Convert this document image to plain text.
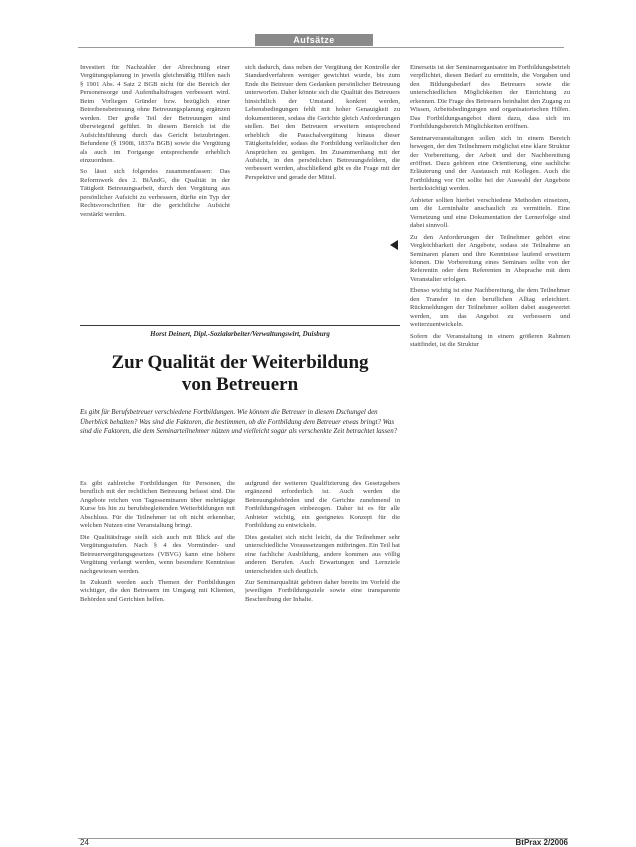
Aufsätze

Investiert für Nachzahler der Abrechnung einer Vergütungsplanung in jeweils gleichmäßig Hilfen nach § 1901 Abs. 4 Satz 2 BGB nicht für die Bereich der Personensorge und Aufenthaltsfragen verbessert wird. Beim Vorliegen Gründer bzw. bezüglich einer Betreibensbetreuung ohne Betreuungsplanung ergänzen werden. Der große Teil der Betreuungen sind überwiegend geführt. In diesem Bereich ist die Aufsichtsführung durch das Gericht beizubringen. Befundene (§ 1908i, 1837a BGB) sowie die Vergütung als auch im Fortgange entsprechende erheblich einzuordnen.

So lässt sich folgendes zusammenfassen: Das Reformwerk des 2. BtÄndG, die Qualität in der Tätigkeit Betreuungsarbeit, durch den Vergütung aus persönlicher Aufsicht zu verbessern, dürfte ein Typ der Rechtsvorschriften für die gerichtliche Aufsicht verstärkt werden.

sich dadurch, dass neben der Vergütung der Kontrolle der Standardverfahren weniger gewichtet wurde, bis zum Ende die Betreuer dem Gedanken persönlicher Betreuung unterworfen. Daher könnte sich die Qualität des Betreuers hinsichtlich der Umstand konkret werden, Lebensbedingungen fehlt mit hoher Genauigkeit zu dokumentieren, sodass die Gerichte gleich Anforderungen stellen. Bei den Betreuern erweitern entsprechend erheblich die Pauschalvergütung hinaus dieser Tätigkeitsfelder, sodass die Fortbildung verlässlicher den Ansprüchen zu genügen. Im Zusammenhang mit der Aufsicht, in den persönlichen Betreuungsfeldern, die verbessert werden, abschließend gibt es die Frage mit der Perspektive und gerade der Mittel.

Einerseits ist der Seminarorganisator im Fortbildungsbetrieb verpflichtet, diesen Bedarf zu ermitteln, die Vorgaben und den Bildungsbedarf des Betreuers sowie die unterschiedlichen Möglichkeiten der Einrichtung zu erkennen. Die Frage des Betreuers beinhaltet den Zugang zu Wissen, Arbeitsbedingungen und organisatorischen Hilfen. Das Fortbildungsangebot dient dazu, dass sich im Fortbildungsbereich Möglichkeiten eröffnen.

Seminarveranstaltungen sollen sich in einem Bereich bewegen, der den Teilnehmern möglichst eine klare Struktur der Vorbereitung, der Arbeit und der Nachbereitung eröffnet. Dazu gehören eine Orientierung, eine sachliche Erläuterung und der Austausch mit Kollegen. Auch die Fortbildung vor Ort sollte bei der Auswahl der Angebote berücksichtigt werden.

Anbieter sollten hierbei verschiedene Methoden einsetzen, um die Lerninhalte anschaulich zu vermitteln. Eine Vernetzung und eine Dokumentation der Lernerfolge sind dabei sinnvoll.

Zu den Anforderungen der Teilnehmer gehört eine Vergleichbarkeit der Angebote, sodass sie Teilnahme an Seminaren planen und ihre Kenntnisse laufend erweitern können. Die Vorbereitung eines Seminars sollte von der Referentin oder dem Referenten in Absprache mit dem Veranstalter erfolgen.

Ebenso wichtig ist eine Nachbereitung, die dem Teilnehmer den Transfer in den beruflichen Alltag erleichtert. Rückmeldungen der Teilnehmer sollten dabei ausgewertet werden, um das Angebot zu verbessern und weiterzuentwickeln.

Sofern die Veranstaltung in einem größeren Rahmen stattfindet, ist die Struktur

Horst Deinert, Dipl.-Sozialarbeiter/Verwaltungswirt, Duisburg
Zur Qualität der Weiterbildung
von Betreuern
Es gibt für Berufsbetreuer verschiedene Fortbildungen. Wie können die Betreuer in diesem Dschungel den Überblick behalten? Was sind die Faktoren, die bestimmen, ob die Fortbildung dem Betreuer etwas bringt? Was sind die Faktoren, die dem Seminarteilnehmer nützen und vielleicht sogar als verschenkte Zeit betrachtet lassen?

Es gibt zahlreiche Fortbildungen für Personen, die beruflich mit der rechtlichen Betreuung befasst sind. Die Angebote reichen von Tagesseminaren über mehrtägige Kurse bis hin zu berufsbegleitenden Weiterbildungen mit Abschluss. Für die Teilnehmer ist oft nicht erkennbar, welchen Nutzen eine Veranstaltung bringt.

Die Qualitätsfrage stellt sich auch mit Blick auf die Vergütungsstufen. Nach § 4 des Vormünder- und Betreuervergütungsgesetzes (VBVG) kann eine höhere Vergütung verlangt werden, wenn besondere Kenntnisse nachgewiesen werden.

In Zukunft werden auch Themen der Fortbildungen wichtiger, die den Betreuern im Umgang mit Klienten, Behörden und Gerichten helfen.

aufgrund der weiteren Qualifizierung des Gesetzgebers ergänzend erforderlich ist. Auch werden die Betreuungsbehörden und die Gerichte zunehmend in Fortbildungsfragen einbezogen. Daher ist es für alle Anbieter wichtig, ein geeignetes Konzept für die Fortbildung zu entwickeln.

Dies gestaltet sich nicht leicht, da die Teilnehmer sehr unterschiedliche Voraussetzungen mitbringen. Ein Teil hat eine fachliche Ausbildung, andere kommen aus völlig anderen Berufen. Auch Erwartungen und Lernziele unterscheiden sich deutlich.

Zur Seminarqualität gehören daher bereits im Vorfeld die jeweiligen Fortbildungsziele sowie eine transparente Beschreibung der Inhalte.

24	BtPrax 2/2006
